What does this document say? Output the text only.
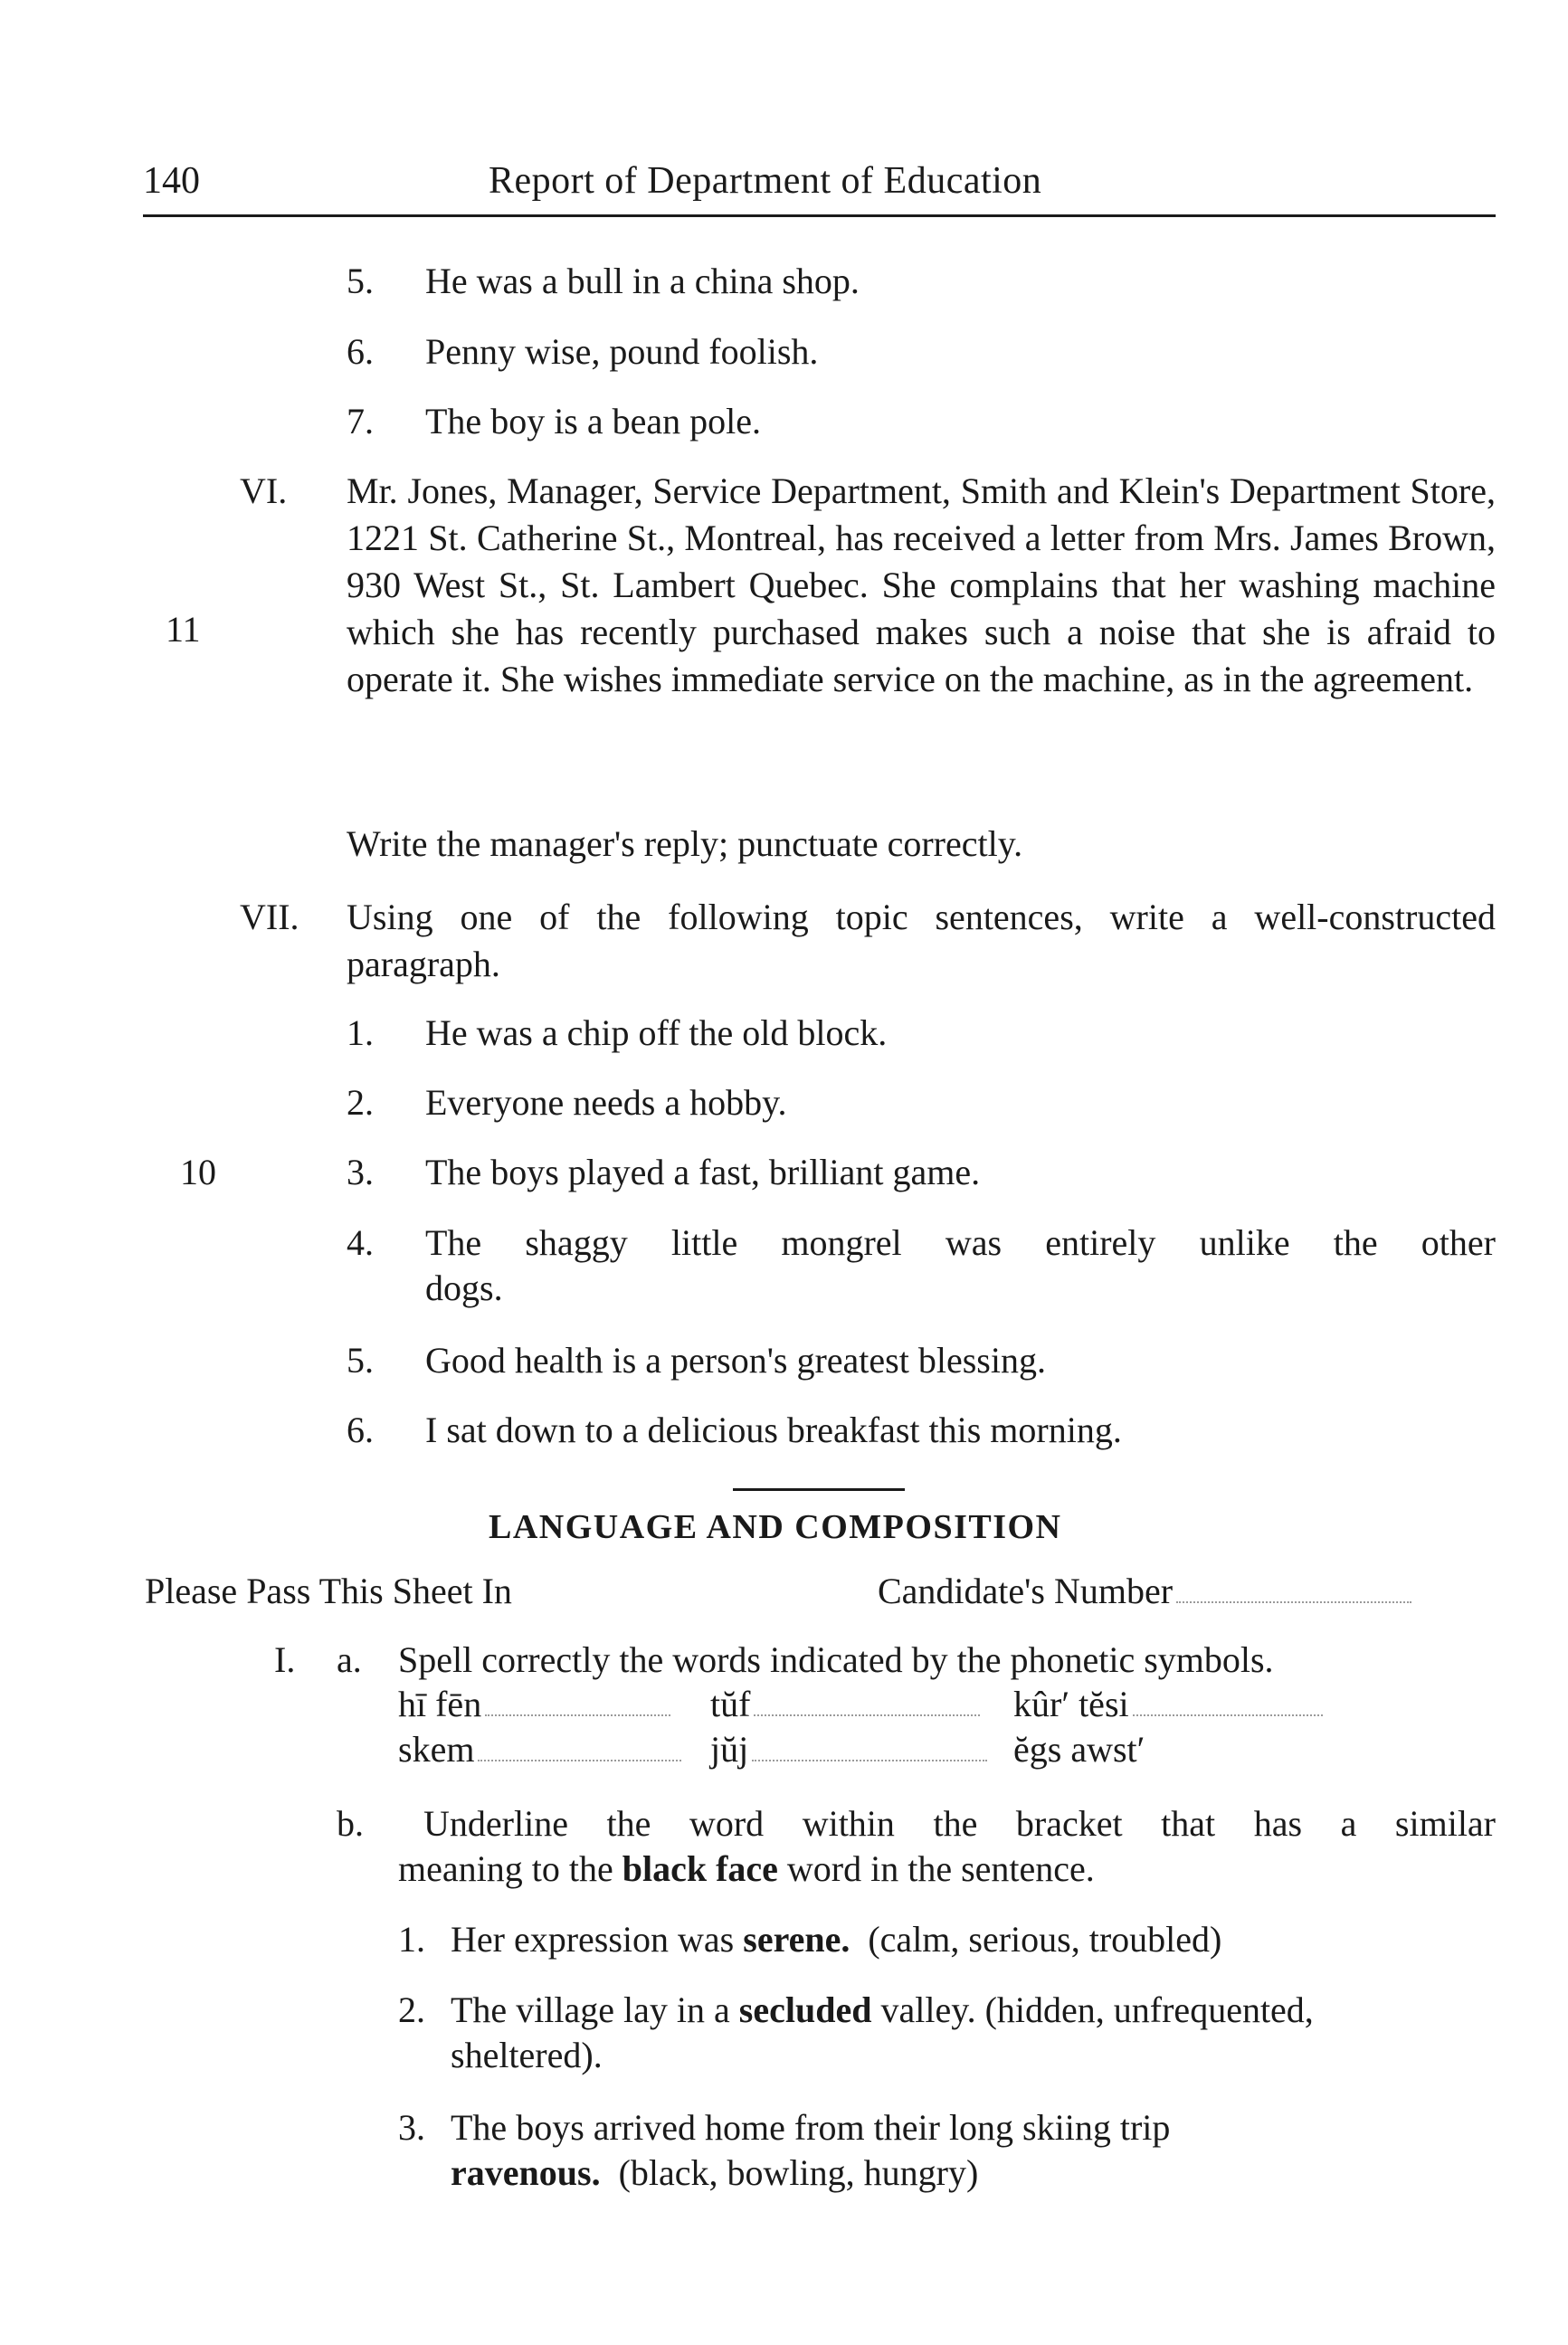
140	Report of Department of Education
5. He was a bull in a china shop.
6. Penny wise, pound foolish.
7. The boy is a bean pole.
VI.
11
Mr. Jones, Manager, Service Department, Smith and Klein's Department Store, 1221 St. Catherine St., Montreal, has received a letter from Mrs. James Brown, 930 West St., St. Lambert Quebec. She complains that her washing machine which she has recently purchased makes such a noise that she is afraid to operate it. She wishes immediate service on the machine, as in the agreement.
Write the manager's reply; punctuate correctly.
VII. Using one of the following topic sentences, write a well-constructed paragraph.
1. He was a chip off the old block.
2. Everyone needs a hobby.
10	3. The boys played a fast, brilliant game.
4. The shaggy little mongrel was entirely unlike the other
dogs.
5. Good health is a person's greatest blessing.
6. I sat down to a delicious breakfast this morning.
LANGUAGE AND COMPOSITION
Please Pass This Sheet In	Candidate's Number
I. a. Spell correctly the words indicated by the phonetic symbols.
hī fēn	tŭf	kûr′ tĕsi
skem	jŭj	ĕgs awst′
b. Underline the word within the bracket that has a similar
meaning to the black face word in the sentence.
1. Her expression was serene.  (calm, serious, troubled)
2. The village lay in a secluded valley. (hidden, unfrequented,
sheltered).
3. The boys arrived home from their long skiing trip
ravenous.  (black, bowling, hungry)
